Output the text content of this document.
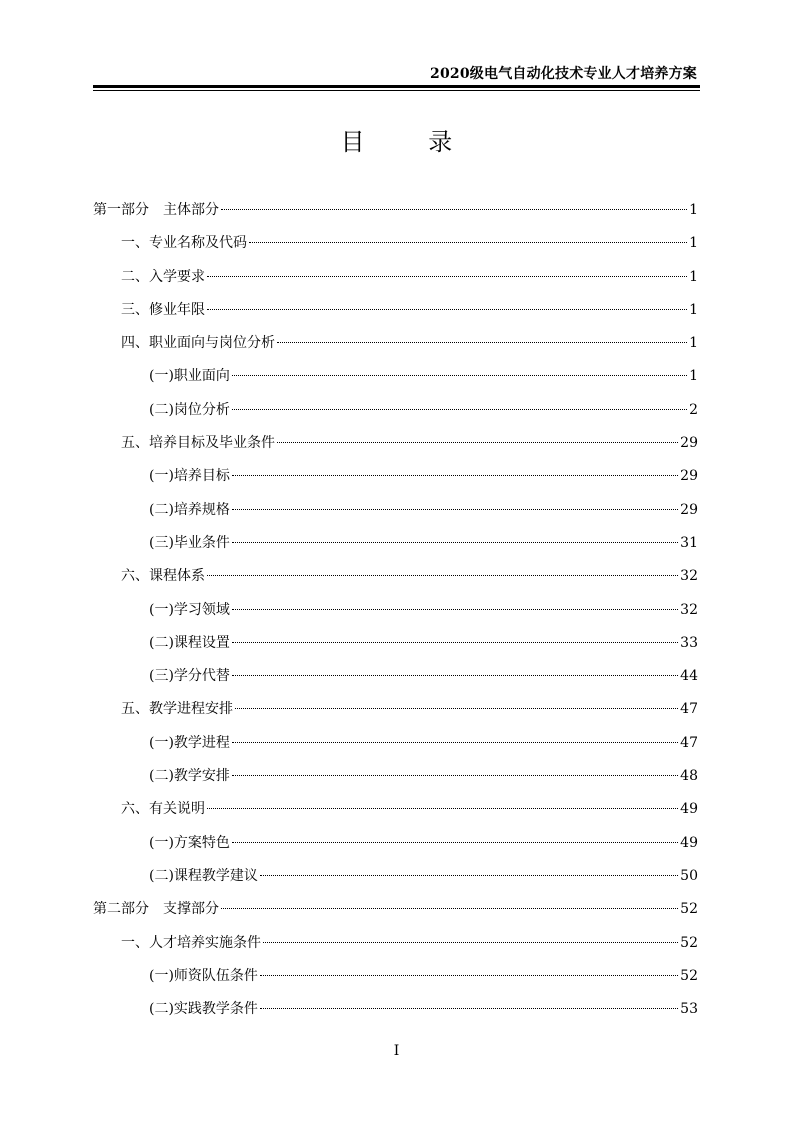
2020级电气自动化技术专业人才培养方案
目 录
第一部分　主体部分	1
一、专业名称及代码	1
二、入学要求	1
三、修业年限	1
四、职业面向与岗位分析	1
(一)职业面向	1
(二)岗位分析	2
五、培养目标及毕业条件	29
(一)培养目标	29
(二)培养规格	29
(三)毕业条件	31
六、课程体系	32
(一)学习领域	32
(二)课程设置	33
(三)学分代替	44
五、教学进程安排	47
(一)教学进程	47
(二)教学安排	48
六、有关说明	49
(一)方案特色	49
(二)课程教学建议	50
第二部分　支撑部分	52
一、人才培养实施条件	52
(一)师资队伍条件	52
(二)实践教学条件	53
I
